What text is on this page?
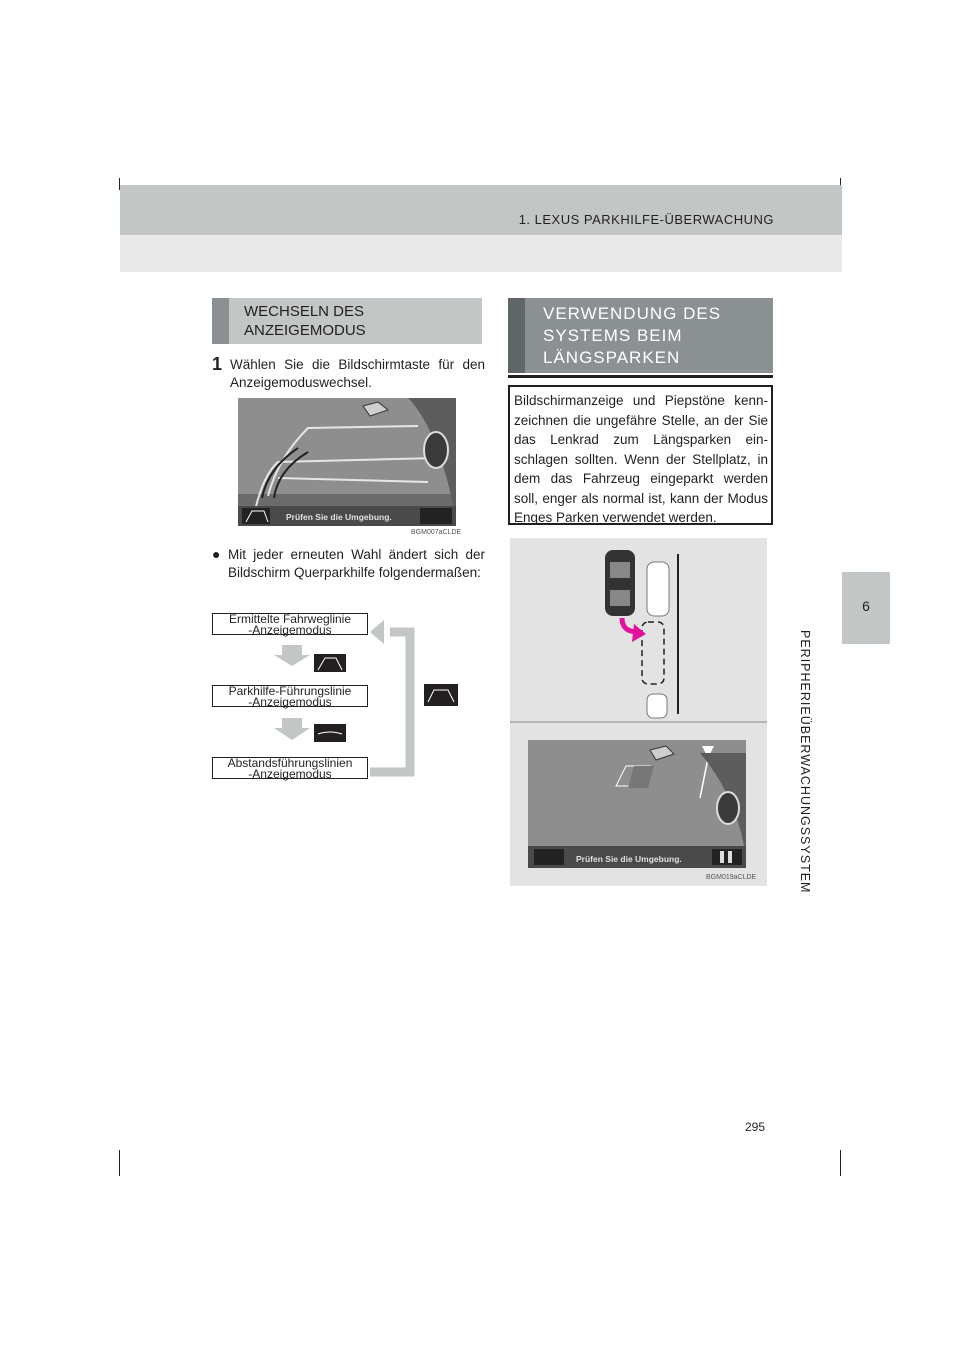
1. LEXUS PARKHILFE-ÜBERWACHUNG
6
PERIPHERIEÜBERWACHUNGSSYSTEM
WECHSELN DES
ANZEIGEMODUS
1 Wählen Sie die Bildschirmtaste für den Anzeigemoduswechsel.
Prüfen Sie die Umgebung.
BGM007aCLDE
● Mit jeder erneuten Wahl ändert sich der Bildschirm Querparkhilfe folgendermaßen:
Ermittelte Fahrweglinie
-Anzeigemodus
Parkhilfe-Führungslinie
-Anzeigemodus
Abstandsführungslinien
-Anzeigemodus
VERWENDUNG DES
SYSTEMS BEIM
LÄNGSPARKEN
Bildschirmanzeige und Piepstöne kennzeichnen die ungefähre Stelle, an der Sie das Lenkrad zum Längsparken einschlagen sollten. Wenn der Stellplatz, in dem das Fahrzeug eingeparkt werden soll, enger als normal ist, kann der Modus Enges Parken verwendet werden.
Prüfen Sie die Umgebung.
BGM019aCLDE
295
